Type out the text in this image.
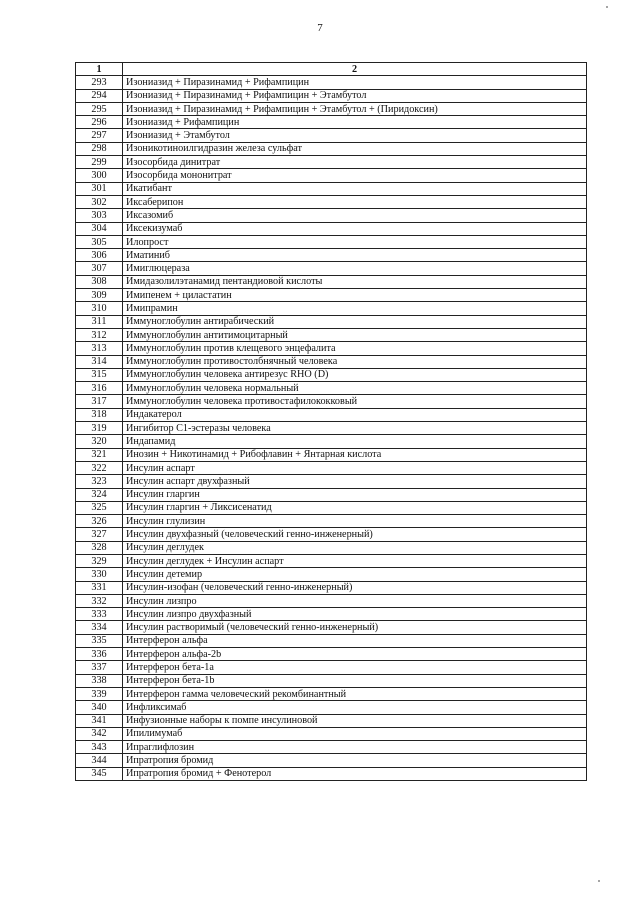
7
1	2
293	Изониазид + Пиразинамид + Рифампицин
294	Изониазид + Пиразинамид + Рифампицин + Этамбутол
295	Изониазид + Пиразинамид + Рифампицин + Этамбутол + (Пиридоксин)
296	Изониазид + Рифампицин
297	Изониазид + Этамбутол
298	Изоникотиноилгидразин железа сульфат
299	Изосорбида динитрат
300	Изосорбида мононитрат
301	Икатибант
302	Иксаберипон
303	Иксазомиб
304	Иксекизумаб
305	Илопрост
306	Иматиниб
307	Имиглюцераза
308	Имидазолилэтанамид пентандиовой кислоты
309	Имипенем + циластатин
310	Имипрамин
311	Иммуноглобулин антирабический
312	Иммуноглобулин антитимоцитарный
313	Иммуноглобулин против клещевого энцефалита
314	Иммуноглобулин противостолбнячный человека
315	Иммуноглобулин человека антирезус RHO (D)
316	Иммуноглобулин человека нормальный
317	Иммуноглобулин человека противостафилококковый
318	Индакатерол
319	Ингибитор C1-эстеразы человека
320	Индапамид
321	Инозин + Никотинамид + Рибофлавин + Янтарная кислота
322	Инсулин аспарт
323	Инсулин аспарт двухфазный
324	Инсулин гларгин
325	Инсулин гларгин + Ликсисенатид
326	Инсулин глулизин
327	Инсулин двухфазный (человеческий генно-инженерный)
328	Инсулин деглудек
329	Инсулин деглудек + Инсулин аспарт
330	Инсулин детемир
331	Инсулин-изофан (человеческий генно-инженерный)
332	Инсулин лизпро
333	Инсулин лизпро двухфазный
334	Инсулин растворимый (человеческий генно-инженерный)
335	Интерферон альфа
336	Интерферон альфа-2b
337	Интерферон бета-1a
338	Интерферон бета-1b
339	Интерферон гамма человеческий рекомбинантный
340	Инфликсимаб
341	Инфузионные наборы к помпе инсулиновой
342	Ипилимумаб
343	Ипраглифлозин
344	Ипратропия бромид
345	Ипратропия бромид + Фенотерол
